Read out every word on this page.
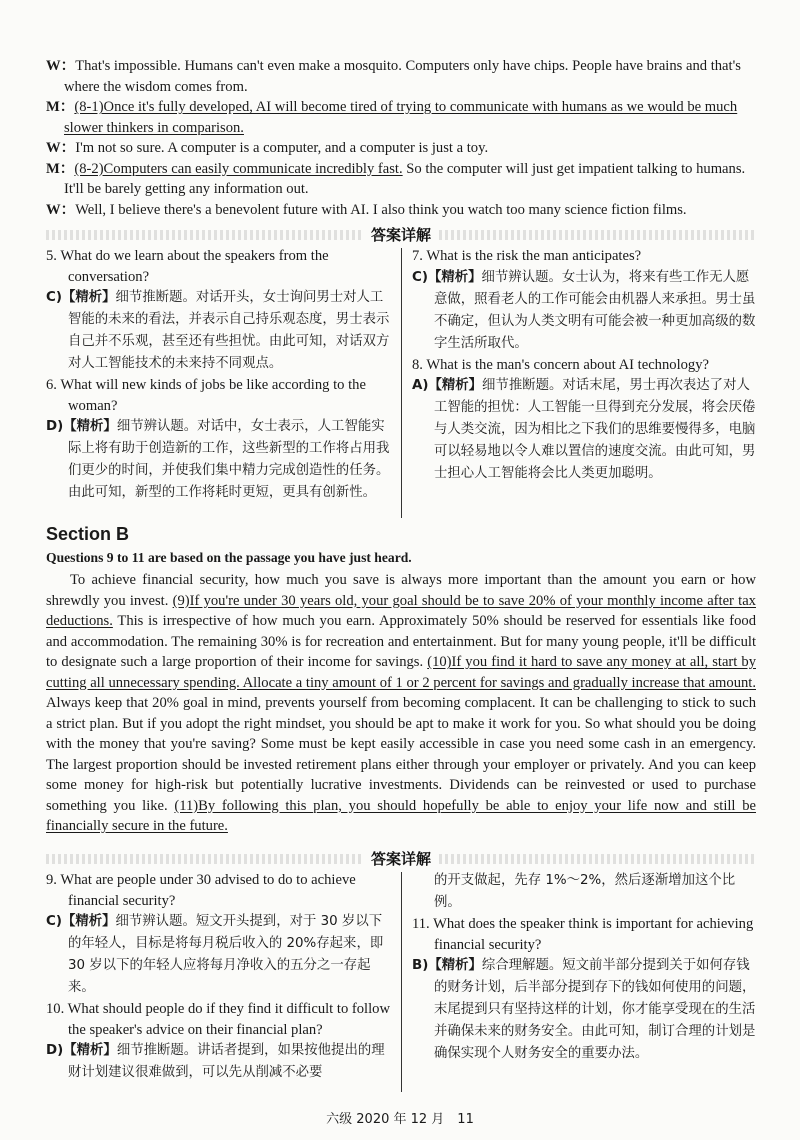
W：That's impossible. Humans can't even make a mosquito. Computers only have chips. People have brains and that's where the wisdom comes from.

M：(8-1)Once it's fully developed, AI will become tired of trying to communicate with humans as we would be much slower thinkers in comparison.

W：I'm not so sure. A computer is a computer, and a computer is just a toy.

M：(8-2)Computers can easily communicate incredibly fast. So the computer will just get impatient talking to humans. It'll be barely getting any information out.

W：Well, I believe there's a benevolent future with AI. I also think you watch too many science fiction films.

答案详解

5. What do we learn about the speakers from the conversation?

C)【精析】细节推断题。对话开头，女士询问男士对人工智能的未来的看法，并表示自己持乐观态度，男士表示自己并不乐观，甚至还有些担忧。由此可知，对话双方对人工智能技术的未来持不同观点。

6. What will new kinds of jobs be like according to the woman?

D)【精析】细节辨认题。对话中，女士表示，人工智能实际上将有助于创造新的工作，这些新型的工作将占用我们更少的时间，并使我们集中精力完成创造性的任务。由此可知，新型的工作将耗时更短，更具有创新性。

7. What is the risk the man anticipates?

C)【精析】细节辨认题。女士认为，将来有些工作无人愿意做，照看老人的工作可能会由机器人来承担。男士虽不确定，但认为人类文明有可能会被一种更加高级的数字生活所取代。

8. What is the man's concern about AI technology?

A)【精析】细节推断题。对话末尾，男士再次表达了对人工智能的担忧：人工智能一旦得到充分发展，将会厌倦与人类交流，因为相比之下我们的思维要慢得多，电脑可以轻易地以令人难以置信的速度交流。由此可知，男士担心人工智能将会比人类更加聪明。

Section B
Questions 9 to 11 are based on the passage you have just heard.

To achieve financial security, how much you save is always more important than the amount you earn or how shrewdly you invest. (9)If you're under 30 years old, your goal should be to save 20% of your monthly income after tax deductions. This is irrespective of how much you earn. Approximately 50% should be reserved for essentials like food and accommodation. The remaining 30% is for recreation and entertainment. But for many young people, it'll be difficult to designate such a large proportion of their income for savings. (10)If you find it hard to save any money at all, start by cutting all unnecessary spending. Allocate a tiny amount of 1 or 2 percent for savings and gradually increase that amount. Always keep that 20% goal in mind, prevents yourself from becoming complacent. It can be challenging to stick to such a strict plan. But if you adopt the right mindset, you should be apt to make it work for you. So what should you be doing with the money that you're saving? Some must be kept easily accessible in case you need some cash in an emergency. The largest proportion should be invested retirement plans either through your employer or privately. And you can keep some money for high-risk but potentially lucrative investments. Dividends can be reinvested or used to purchase something you like. (11)By following this plan, you should hopefully be able to enjoy your life now and still be financially secure in the future.

答案详解

9. What are people under 30 advised to do to achieve financial security?

C)【精析】细节辨认题。短文开头提到，对于 30 岁以下的年轻人，目标是将每月税后收入的 20%存起来，即 30 岁以下的年轻人应将每月净收入的五分之一存起来。

10. What should people do if they find it difficult to follow the speaker's advice on their financial plan?

D)【精析】细节推断题。讲话者提到，如果按他提出的理财计划建议很难做到，可以先从削减不必要

的开支做起，先存 1%～2%，然后逐渐增加这个比例。

11. What does the speaker think is important for achieving financial security?

B)【精析】综合理解题。短文前半部分提到关于如何存钱的财务计划，后半部分提到存下的钱如何使用的问题，末尾提到只有坚持这样的计划，你才能享受现在的生活并确保未来的财务安全。由此可知，制订合理的计划是确保实现个人财务安全的重要办法。

六级 2020 年 12 月　11
